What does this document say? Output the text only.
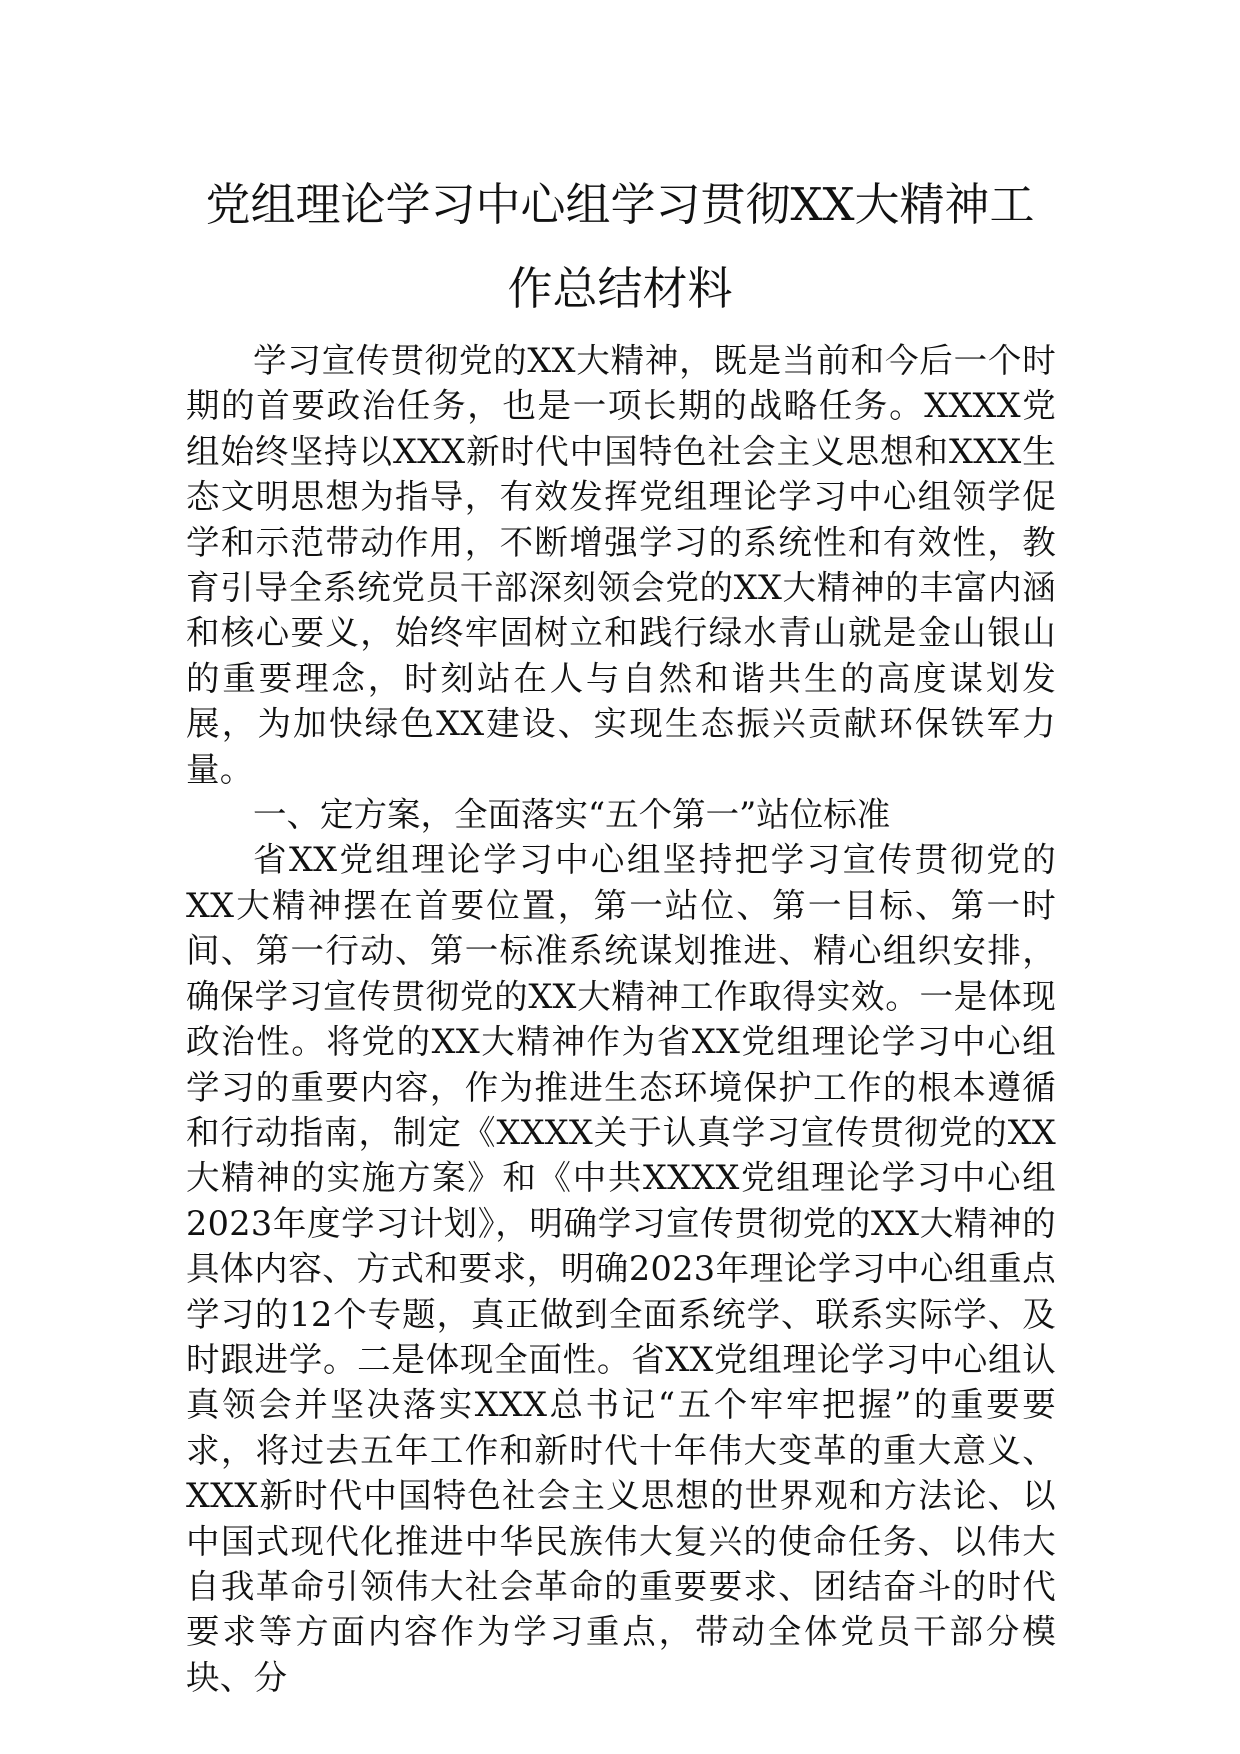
党组理论学习中心组学习贯彻XX大精神工
作总结材料

学习宣传贯彻党的XX大精神，既是当前和今后一个时期的首要政治任务，也是一项长期的战略任务。XXXX党组始终坚持以XXX新时代中国特色社会主义思想和XXX生态文明思想为指导，有效发挥党组理论学习中心组领学促学和示范带动作用，不断增强学习的系统性和有效性，教育引导全系统党员干部深刻领会党的XX大精神的丰富内涵和核心要义，始终牢固树立和践行绿水青山就是金山银山的重要理念，时刻站在人与自然和谐共生的高度谋划发展，为加快绿色XX建设、实现生态振兴贡献环保铁军力量。

一、定方案，全面落实“五个第一”站位标准

省XX党组理论学习中心组坚持把学习宣传贯彻党的XX大精神摆在首要位置，第一站位、第一目标、第一时间、第一行动、第一标准系统谋划推进、精心组织安排，确保学习宣传贯彻党的XX大精神工作取得实效。一是体现政治性。将党的XX大精神作为省XX党组理论学习中心组学习的重要内容，作为推进生态环境保护工作的根本遵循和行动指南，制定《XXXX关于认真学习宣传贯彻党的XX大精神的实施方案》和《中共XXXX党组理论学习中心组2023年度学习计划》，明确学习宣传贯彻党的XX大精神的具体内容、方式和要求，明确2023年理论学习中心组重点学习的12个专题，真正做到全面系统学、联系实际学、及时跟进学。二是体现全面性。省XX党组理论学习中心组认真领会并坚决落实XXX总书记“五个牢牢把握”的重要要求，将过去五年工作和新时代十年伟大变革的重大意义、XXX新时代中国特色社会主义思想的世界观和方法论、以中国式现代化推进中华民族伟大复兴的使命任务、以伟大自我革命引领伟大社会革命的重要要求、团结奋斗的时代要求等方面内容作为学习重点，带动全体党员干部分模块、分
